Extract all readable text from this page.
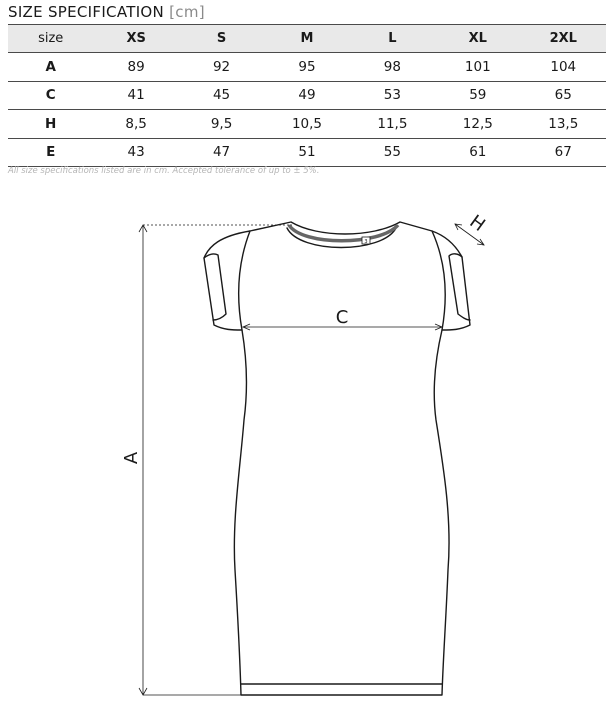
SIZE SPECIFICATION [cm]
size	XS	S	M	L	XL	2XL
A	89	92	95	98	101	104
C	41	45	49	53	59	65
H	8,5	9,5	10,5	11,5	12,5	13,5
E	43	47	51	55	61	67
All size specifications listed are in cm. Accepted tolerance of up to ± 5%.
3
A
C
H
